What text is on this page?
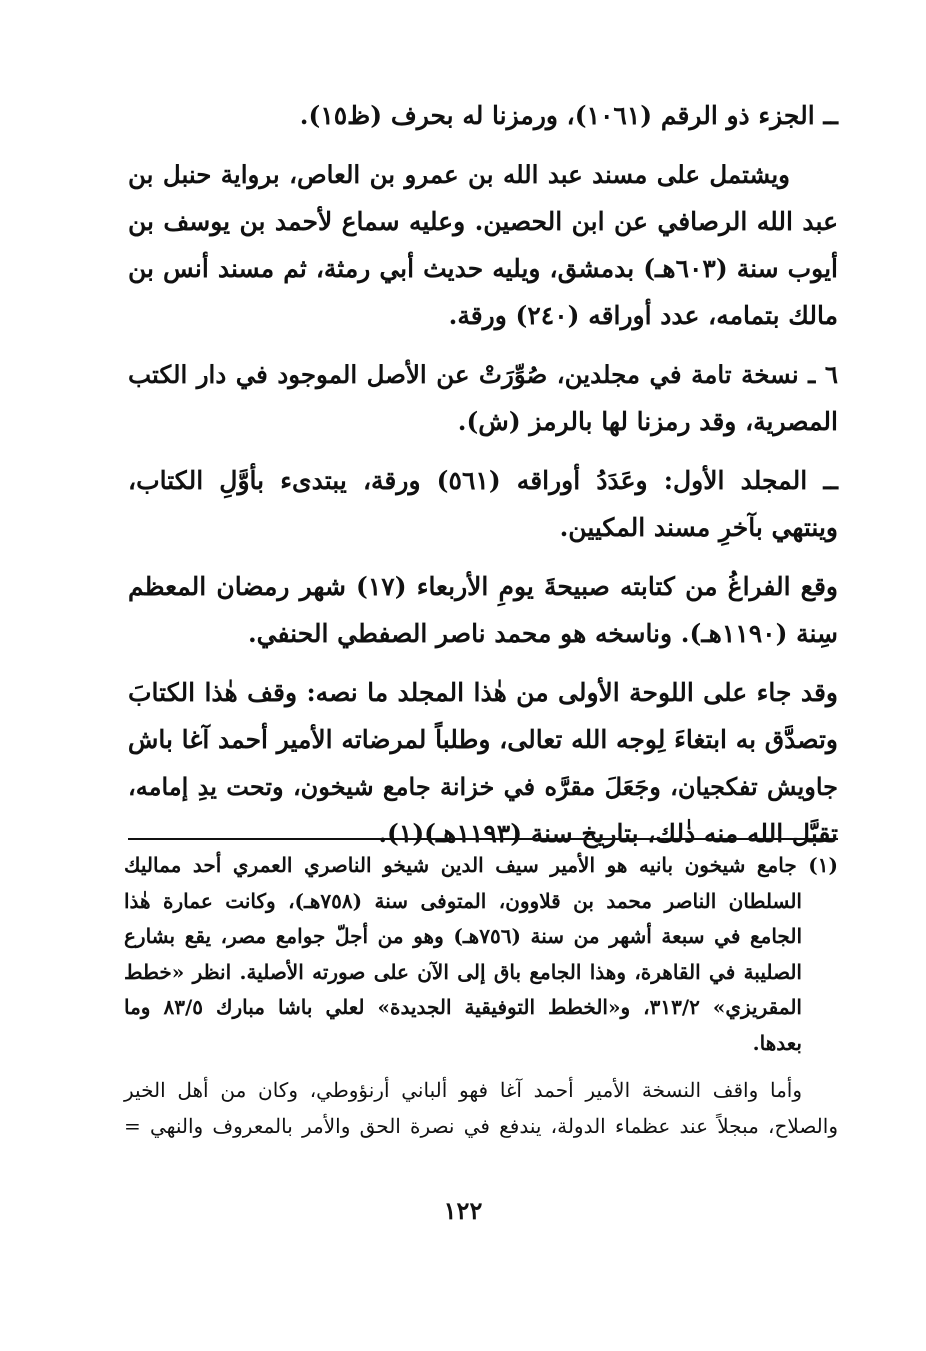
ــ الجزء ذو الرقم (١٠٦١)، ورمزنا له بحرف (ظ١٥).

ويشتمل على مسند عبد الله بن عمرو بن العاص، برواية حنبل بن
عبد الله الرصافي عن ابن الحصين. وعليه سماع لأحمد بن يوسف بن
أيوب سنة (٦٠٣هـ) بدمشق، ويليه حديث أبي رمثة، ثم مسند أنس بن
مالك بتمامه، عدد أوراقه (٢٤٠) ورقة.

٦ ـ نسخة تامة في مجلدين، صُوِّرَتْ عن الأصل الموجود في دار الكتب
المصرية، وقد رمزنا لها بالرمز (ش).

ــ المجلد الأول: وعَدَدُ أوراقه (٥٦١) ورقة، يبتدىء بأوَّلِ الكتاب،
وينتهي بآخرِ مسند المكيين.

وقع الفراغُ من كتابته صبيحةَ يومِ الأربعاء (١٧) شهر رمضان المعظم
سِنة (١١٩٠هـ). وناسخه هو محمد ناصر الصفطي الحنفي.

وقد جاء على اللوحة الأولى من هٰذا المجلد ما نصه: وقف هٰذا الكتابَ
وتصدَّق به ابتغاءَ لِوجه الله تعالى، وطلباً لمرضاته الأمير أحمد آغا باش
جاويش تفكجيان، وجَعَلَ مقرَّه في خزانة جامع شيخون، وتحت يدِ إمامه،
تقبَّل الله منه ذٰلك، بتاريخ سنة (١١٩٣هـ)(١).

(١) جامع شيخون بانيه هو الأمير سيف الدين شيخو الناصري العمري أحد مماليك
السلطان الناصر محمد بن قلاوون، المتوفى سنة (٧٥٨هـ)، وكانت عمارة هٰذا
الجامع في سبعة أشهر من سنة (٧٥٦هـ) وهو من أجلّ جوامع مصر، يقع بشارع
الصليبة في القاهرة، وهذا الجامع باق إلى الآن على صورته الأصلية. انظر «خطط
المقريزي» ٣١٣/٢، و«الخطط التوفيقية الجديدة» لعلي باشا مبارك ٨٣/٥ وما
بعدها.

وأما واقف النسخة الأمير أحمد آغا فهو ألباني أرنؤوطي، وكان من أهل الخير
والصلاح، مبجلاً عند عظماء الدولة، يندفع في نصرة الحق والأمر بالمعروف والنهي =

١٢٢
